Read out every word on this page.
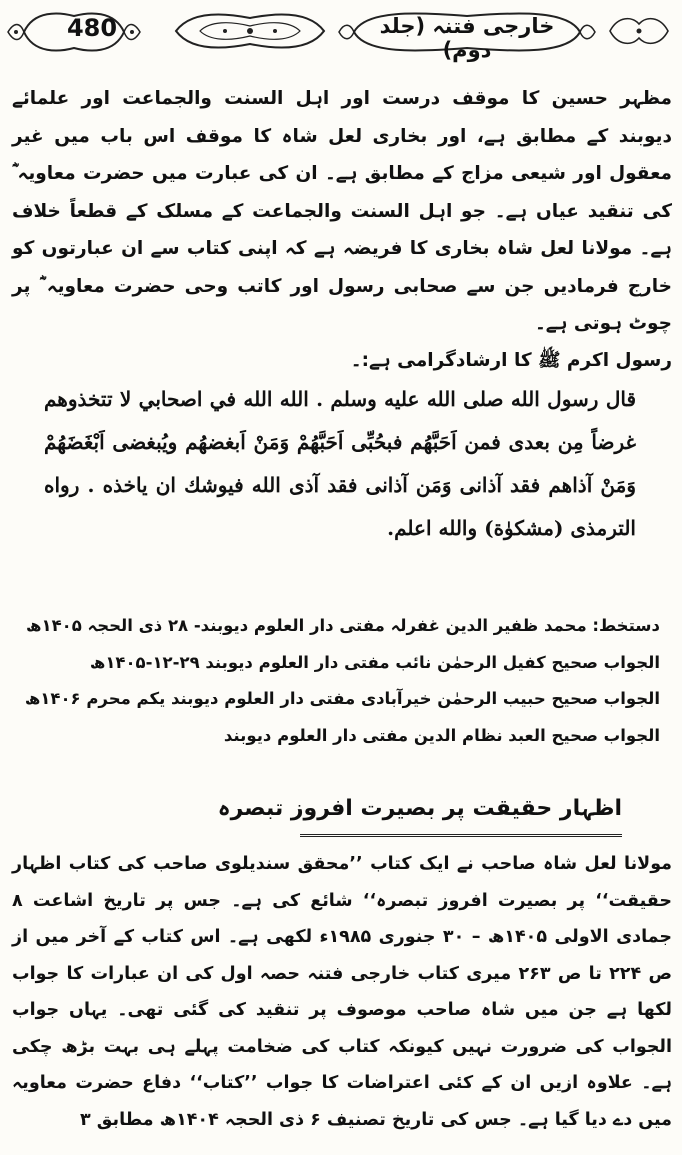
480	خارجی فتنہ (جلد دوم)
مظہر حسین کا موقف درست اور اہل السنت والجماعت اور علمائے دیوبند کے مطابق ہے، اور بخاری لعل شاہ کا موقف اس باب میں غیر معقول اور شیعی مزاج کے مطابق ہے۔ ان کی عبارت میں حضرت معاویہ ؓ کی تنقید عیاں ہے۔ جو اہل السنت والجماعت کے مسلک کے قطعاً خلاف ہے۔ مولانا لعل شاہ بخاری کا فریضہ ہے کہ اپنی کتاب سے ان عبارتوں کو خارج فرمادیں جن سے صحابی رسول اور کاتب وحی حضرت معاویہ ؓ پر چوٹ ہوتی ہے۔
رسول اکرم ﷺ کا ارشادگرامی ہے:۔
قال رسول الله صلى الله عليه وسلم . الله الله في اصحابي لا تتخذوهم غرضاً مِن بعدى فمن اَحَبَّهُم فبحُبِّى اَحَبَّهُمْ وَمَنْ اَبغضهُم ويُبغضى اَبْغَضَهُمْ وَمَنْ آذاهم فقد آذانى وَمَن آذانى فقد آذى الله فيوشك ان ياخذه . رواه الترمذى (مشكوٰة) والله اعلم.
دستخط: محمد ظفیر الدین غفرلہ مفتی دار العلوم دیوبند- ۲۸ ذی الحجہ ۱۴۰۵ھ
الجواب صحیح کفیل الرحمٰن نائب مفتی دار العلوم دیوبند ۲۹-۱۲-۱۴۰۵ھ
الجواب صحیح حبیب الرحمٰن خیرآبادی مفتی دار العلوم دیوبند یکم محرم ۱۴۰۶ھ
الجواب صحیح العبد نظام الدین مفتی دار العلوم دیوبند
اظہار حقیقت پر بصیرت افروز تبصرہ
مولانا لعل شاہ صاحب نے ایک کتاب ’’محقق سندیلوی صاحب کی کتاب اظہار حقیقت‘‘ پر بصیرت افروز تبصرہ‘‘ شائع کی ہے۔ جس پر تاریخ اشاعت ۸ جمادی الاولی ۱۴۰۵ھ – ۳۰ جنوری ۱۹۸۵ء لکھی ہے۔ اس کتاب کے آخر میں از ص ۲۲۴ تا ص ۲۶۳ میری کتاب خارجی فتنہ حصہ اول کی ان عبارات کا جواب لکھا ہے جن میں شاہ صاحب موصوف پر تنقید کی گئی تھی۔ یہاں جواب الجواب کی ضرورت نہیں کیونکہ کتاب کی ضخامت پہلے ہی بہت بڑھ چکی ہے۔ علاوہ ازیں ان کے کئی اعتراضات کا جواب ’’کتاب‘‘ دفاع حضرت معاویہ میں دے دیا گیا ہے۔ جس کی تاریخ تصنیف ۶ ذی الحجہ ۱۴۰۴ھ مطابق ۳
